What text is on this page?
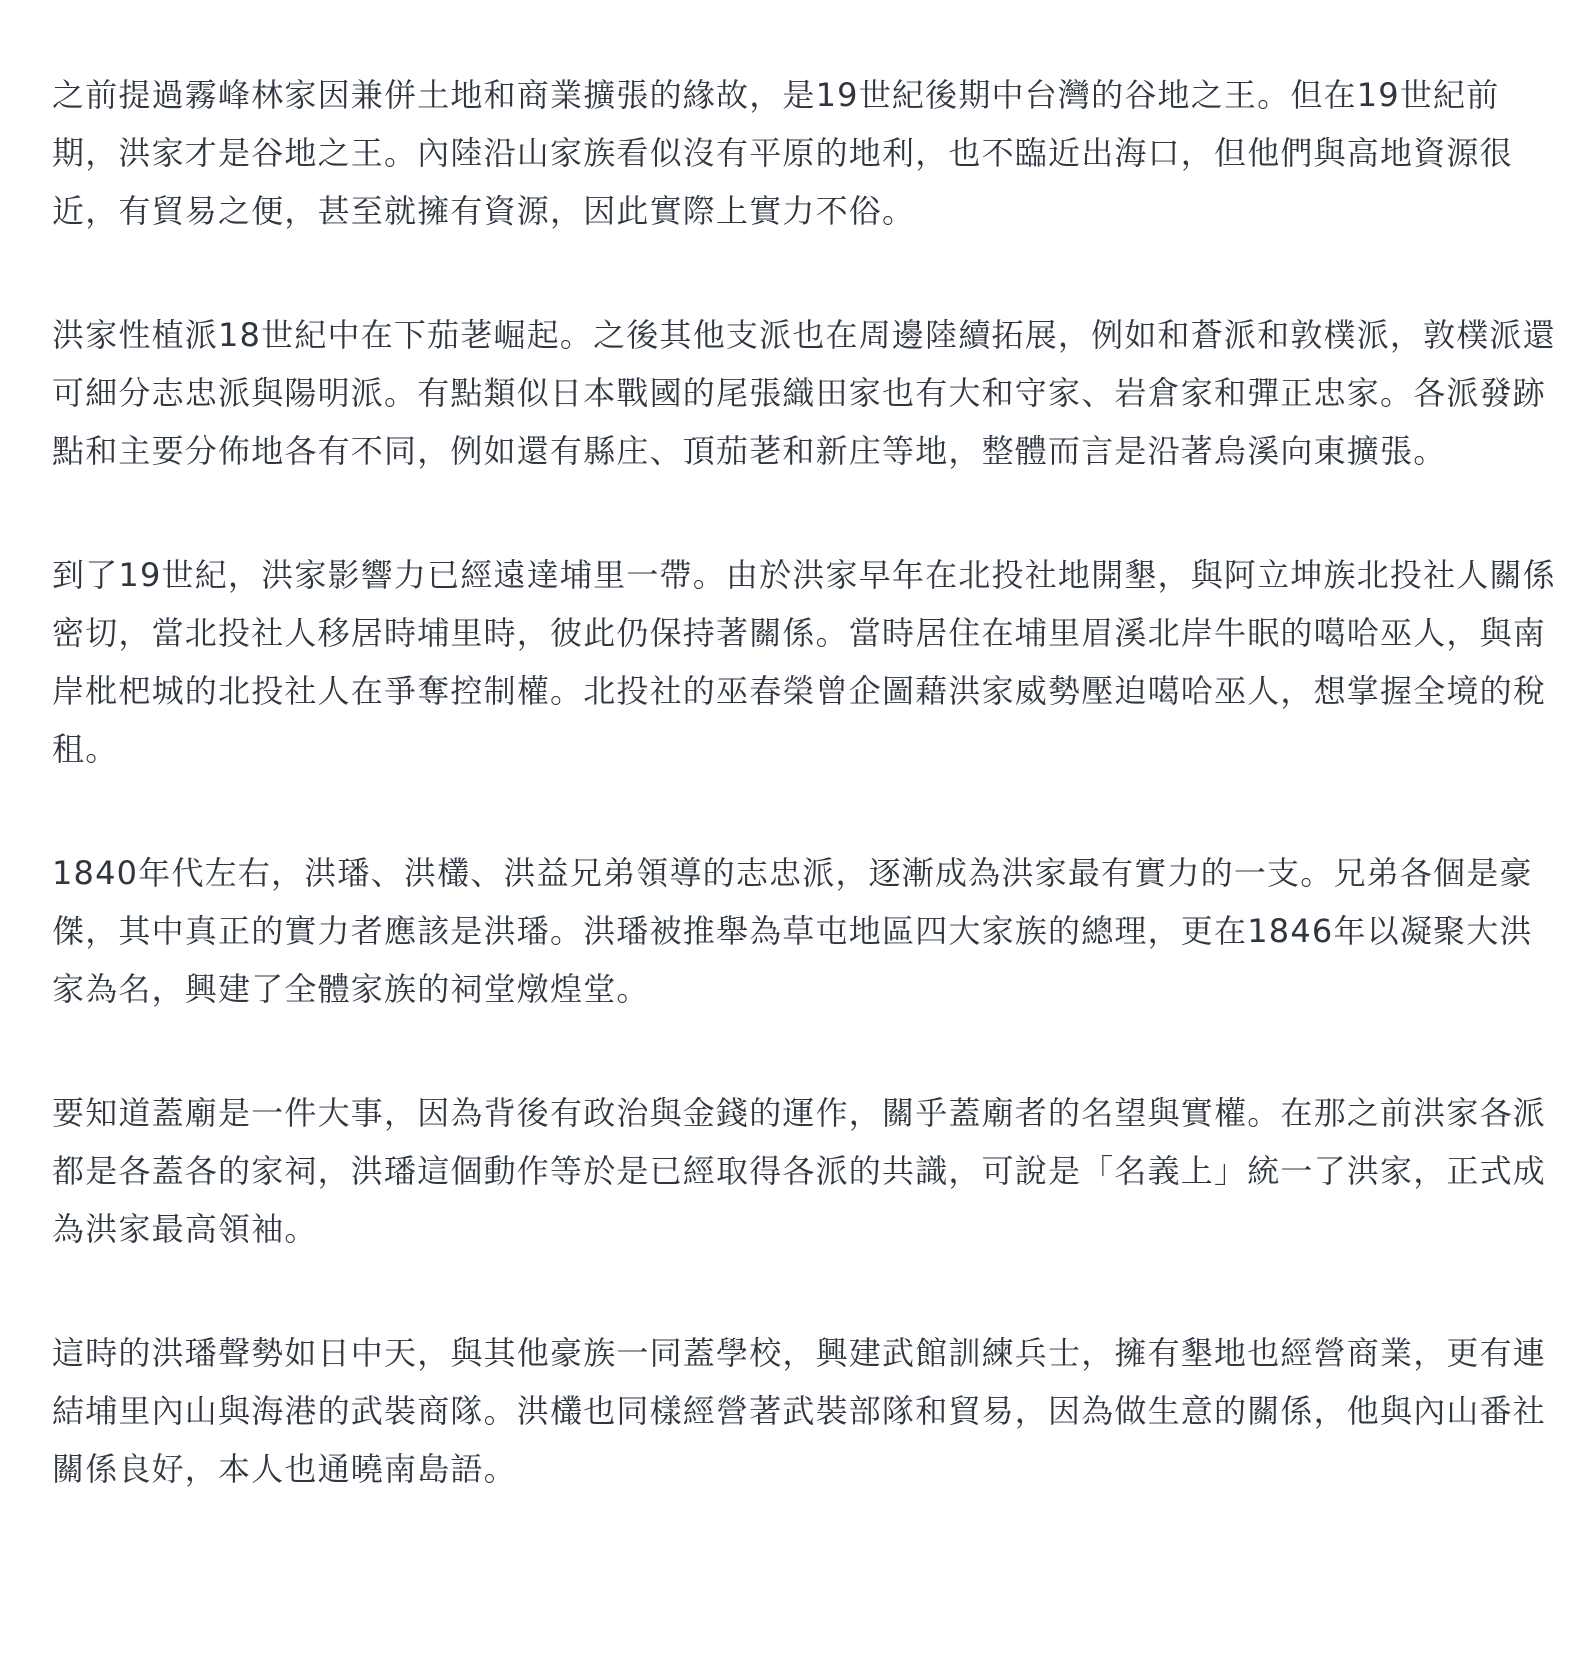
之前提過霧峰林家因兼併土地和商業擴張的緣故，是19世紀後期中台灣的谷地之王。但在19世紀前期，洪家才是谷地之王。內陸沿山家族看似沒有平原的地利，也不臨近出海口，但他們與高地資源很近，有貿易之便，甚至就擁有資源，因此實際上實力不俗。

洪家性植派18世紀中在下茄荖崛起。之後其他支派也在周邊陸續拓展，例如和蒼派和敦樸派，敦樸派還可細分志忠派與陽明派。有點類似日本戰國的尾張織田家也有大和守家、岩倉家和彈正忠家。各派發跡點和主要分佈地各有不同，例如還有縣庄、頂茄荖和新庄等地，整體而言是沿著烏溪向東擴張。

到了19世紀，洪家影響力已經遠達埔里一帶。由於洪家早年在北投社地開墾，與阿立坤族北投社人關係密切，當北投社人移居時埔里時，彼此仍保持著關係。當時居住在埔里眉溪北岸牛眠的噶哈巫人，與南岸枇杷城的北投社人在爭奪控制權。北投社的巫春榮曾企圖藉洪家威勢壓迫噶哈巫人，想掌握全境的稅租。

1840年代左右，洪璠、洪欉、洪益兄弟領導的志忠派，逐漸成為洪家最有實力的一支。兄弟各個是豪傑，其中真正的實力者應該是洪璠。洪璠被推舉為草屯地區四大家族的總理，更在1846年以凝聚大洪家為名，興建了全體家族的祠堂燉煌堂。

要知道蓋廟是一件大事，因為背後有政治與金錢的運作，關乎蓋廟者的名望與實權。在那之前洪家各派都是各蓋各的家祠，洪璠這個動作等於是已經取得各派的共識，可說是「名義上」統一了洪家，正式成為洪家最高領袖。

這時的洪璠聲勢如日中天，與其他豪族一同蓋學校，興建武館訓練兵士，擁有墾地也經營商業，更有連結埔里內山與海港的武裝商隊。洪欉也同樣經營著武裝部隊和貿易，因為做生意的關係，他與內山番社關係良好，本人也通曉南島語。
